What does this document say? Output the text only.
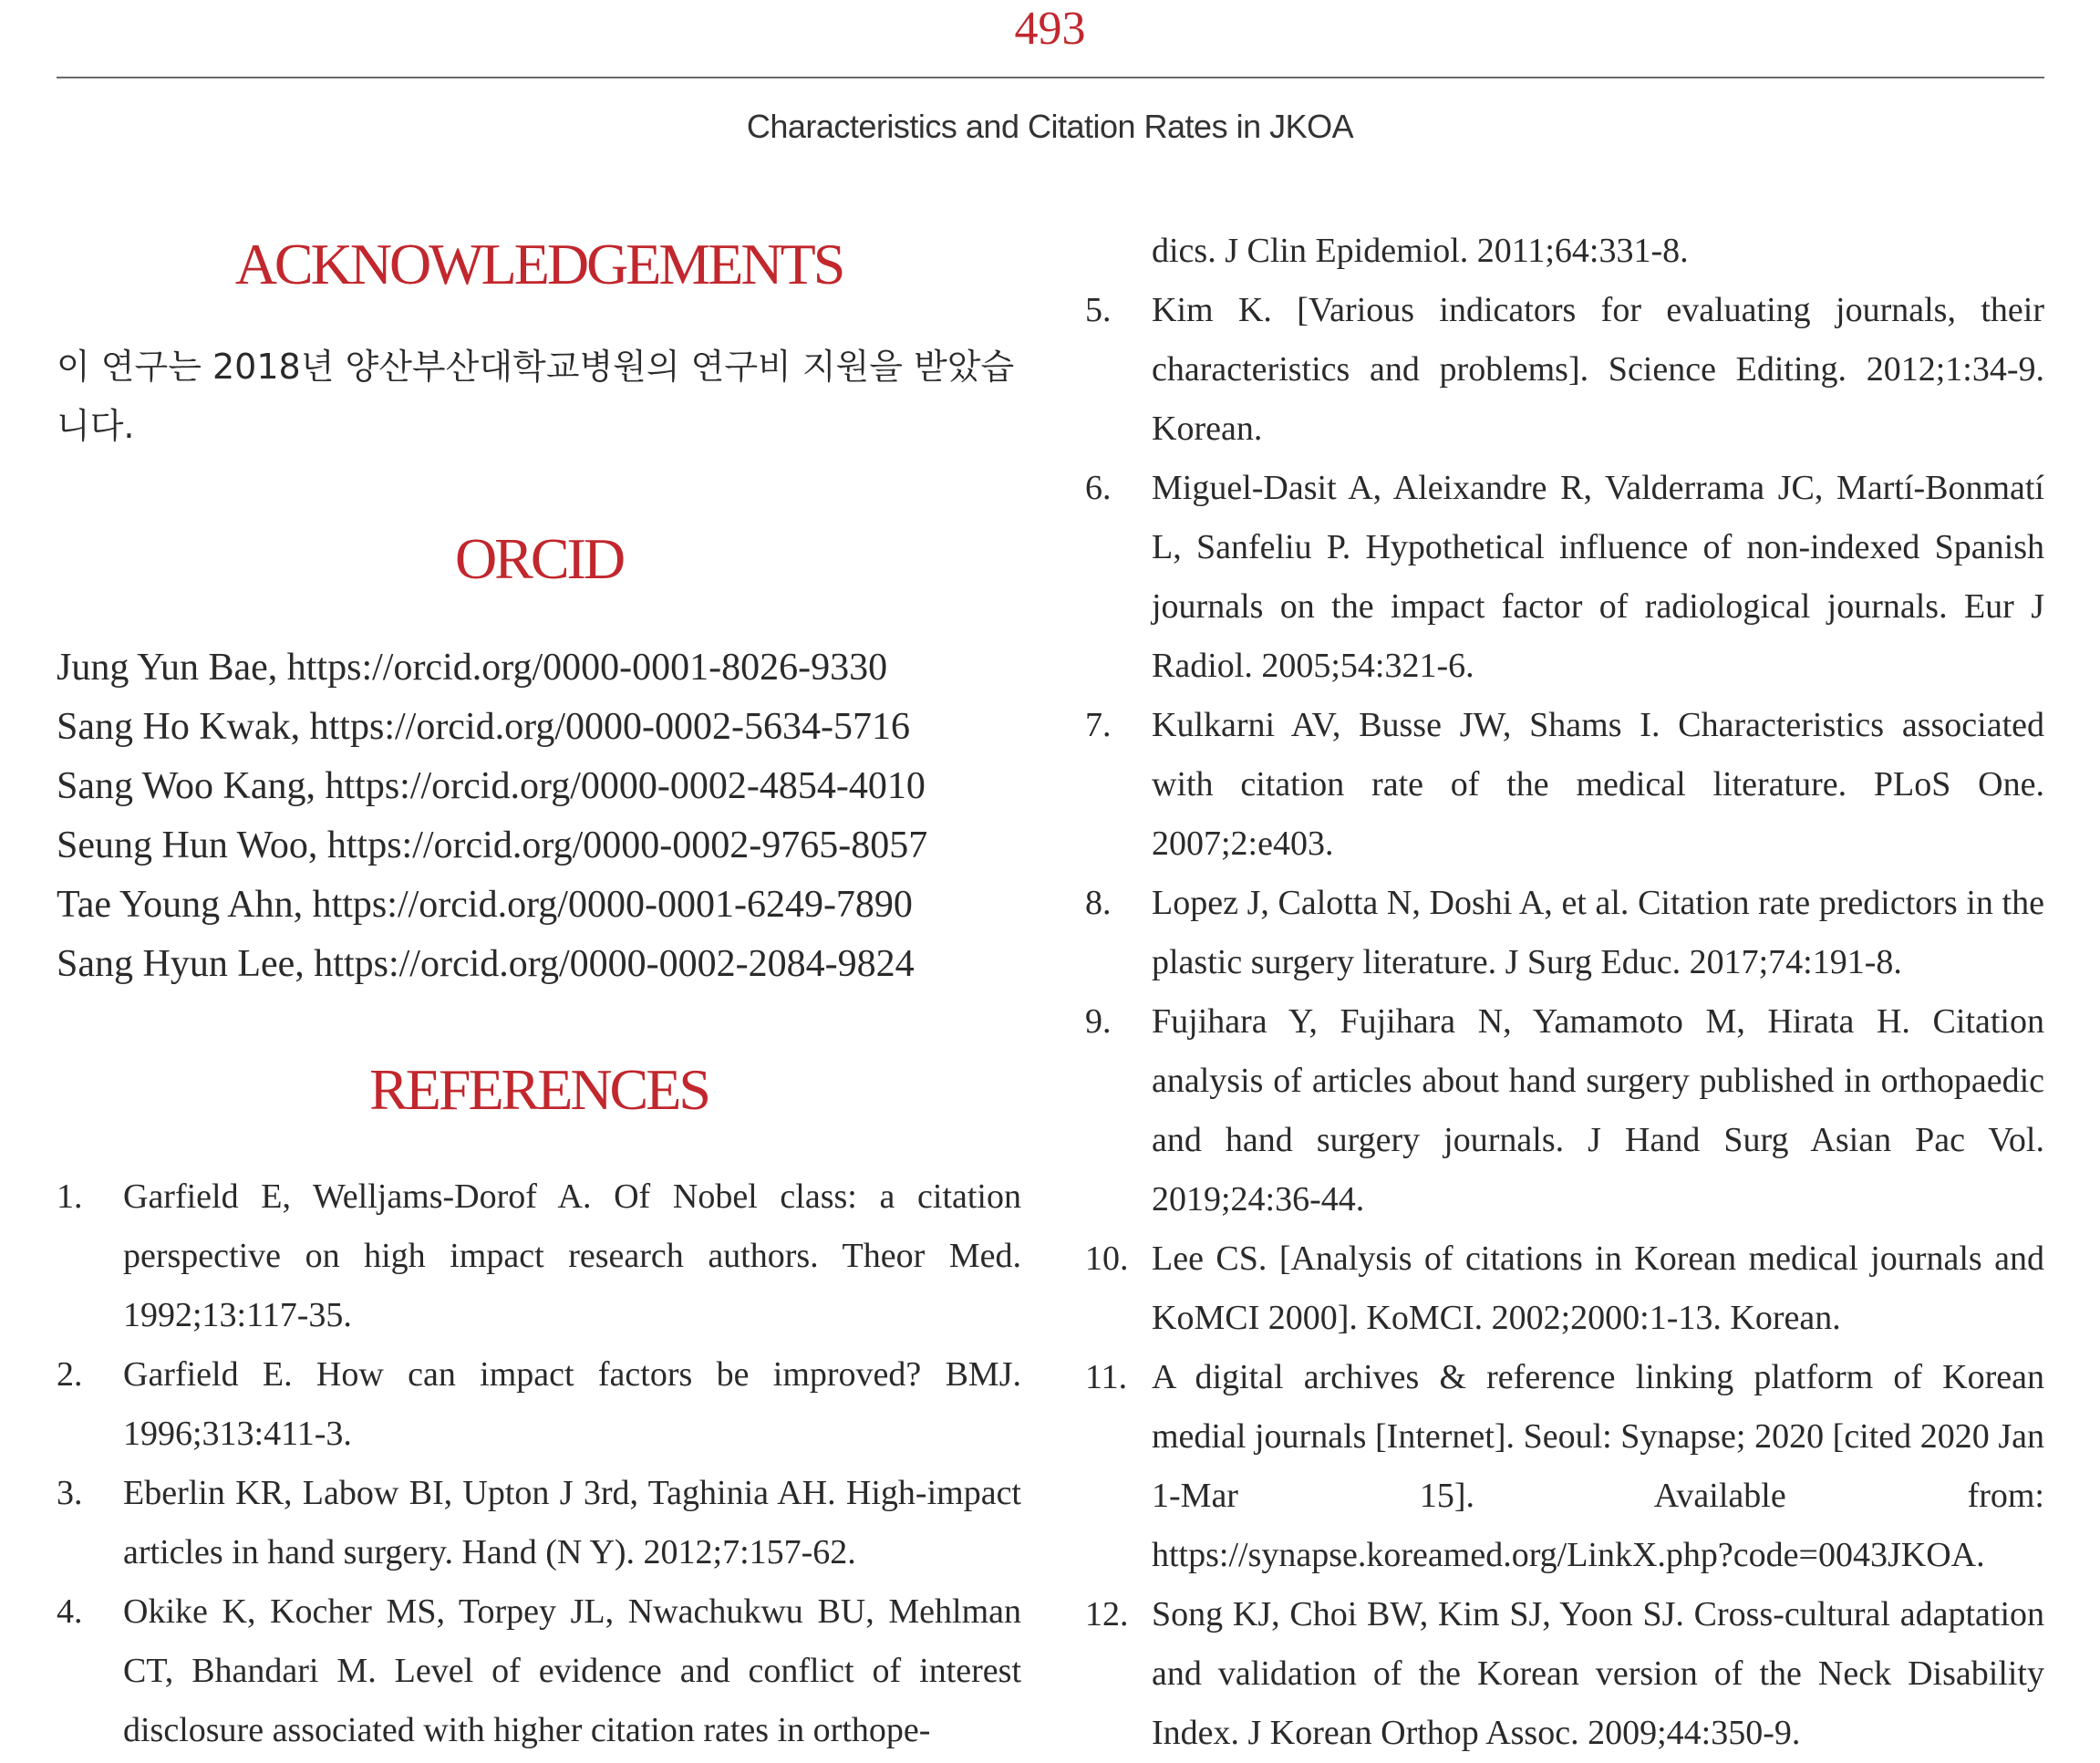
493
Characteristics and Citation Rates in JKOA
ACKNOWLEDGEMENTS

이 연구는 2018년 양산부산대학교병원의 연구비 지원을 받았습니다.

ORCID
Jung Yun Bae, https://orcid.org/0000-0001-8026-9330
Sang Ho Kwak, https://orcid.org/0000-0002-5634-5716
Sang Woo Kang, https://orcid.org/0000-0002-4854-4010
Seung Hun Woo, https://orcid.org/0000-0002-9765-8057
Tae Young Ahn, https://orcid.org/0000-0001-6249-7890
Sang Hyun Lee, https://orcid.org/0000-0002-2084-9824
REFERENCES
1.	Garfield E, Welljams-Dorof A. Of Nobel class: a citation perspective on high impact research authors. Theor Med. 1992;13:117-35.
2.	Garfield E. How can impact factors be improved? BMJ. 1996;313:411-3.
3.	Eberlin KR, Labow BI, Upton J 3rd, Taghinia AH. High-impact articles in hand surgery. Hand (N Y). 2012;7:157-62.
4.	Okike K, Kocher MS, Torpey JL, Nwachukwu BU, Mehlman CT, Bhandari M. Level of evidence and conflict of interest disclosure associated with higher citation rates in orthope-
dics. J Clin Epidemiol. 2011;64:331-8.
5.	Kim K. [Various indicators for evaluating journals, their characteristics and problems]. Science Editing. 2012;1:34-9. Korean.
6.	Miguel-Dasit A, Aleixandre R, Valderrama JC, Martí-Bonmatí L, Sanfeliu P. Hypothetical influence of non-indexed Spanish journals on the impact factor of radiological journals. Eur J Radiol. 2005;54:321-6.
7.	Kulkarni AV, Busse JW, Shams I. Characteristics associated with citation rate of the medical literature. PLoS One. 2007;2:e403.
8.	Lopez J, Calotta N, Doshi A, et al. Citation rate predictors in the plastic surgery literature. J Surg Educ. 2017;74:191-8.
9.	Fujihara Y, Fujihara N, Yamamoto M, Hirata H. Citation analysis of articles about hand surgery published in orthopaedic and hand surgery journals. J Hand Surg Asian Pac Vol. 2019;24:36-44.
10. Lee CS. [Analysis of citations in Korean medical journals and KoMCI 2000]. KoMCI. 2002;2000:1-13. Korean.
11. A digital archives & reference linking platform of Korean medial journals [Internet]. Seoul: Synapse; 2020 [cited 2020 Jan 1-Mar 15]. Available from: https://synapse.koreamed.org/LinkX.php?code=0043JKOA.
12. Song KJ, Choi BW, Kim SJ, Yoon SJ. Cross-cultural adaptation and validation of the Korean version of the Neck Disability Index. J Korean Orthop Assoc. 2009;44:350-9.
